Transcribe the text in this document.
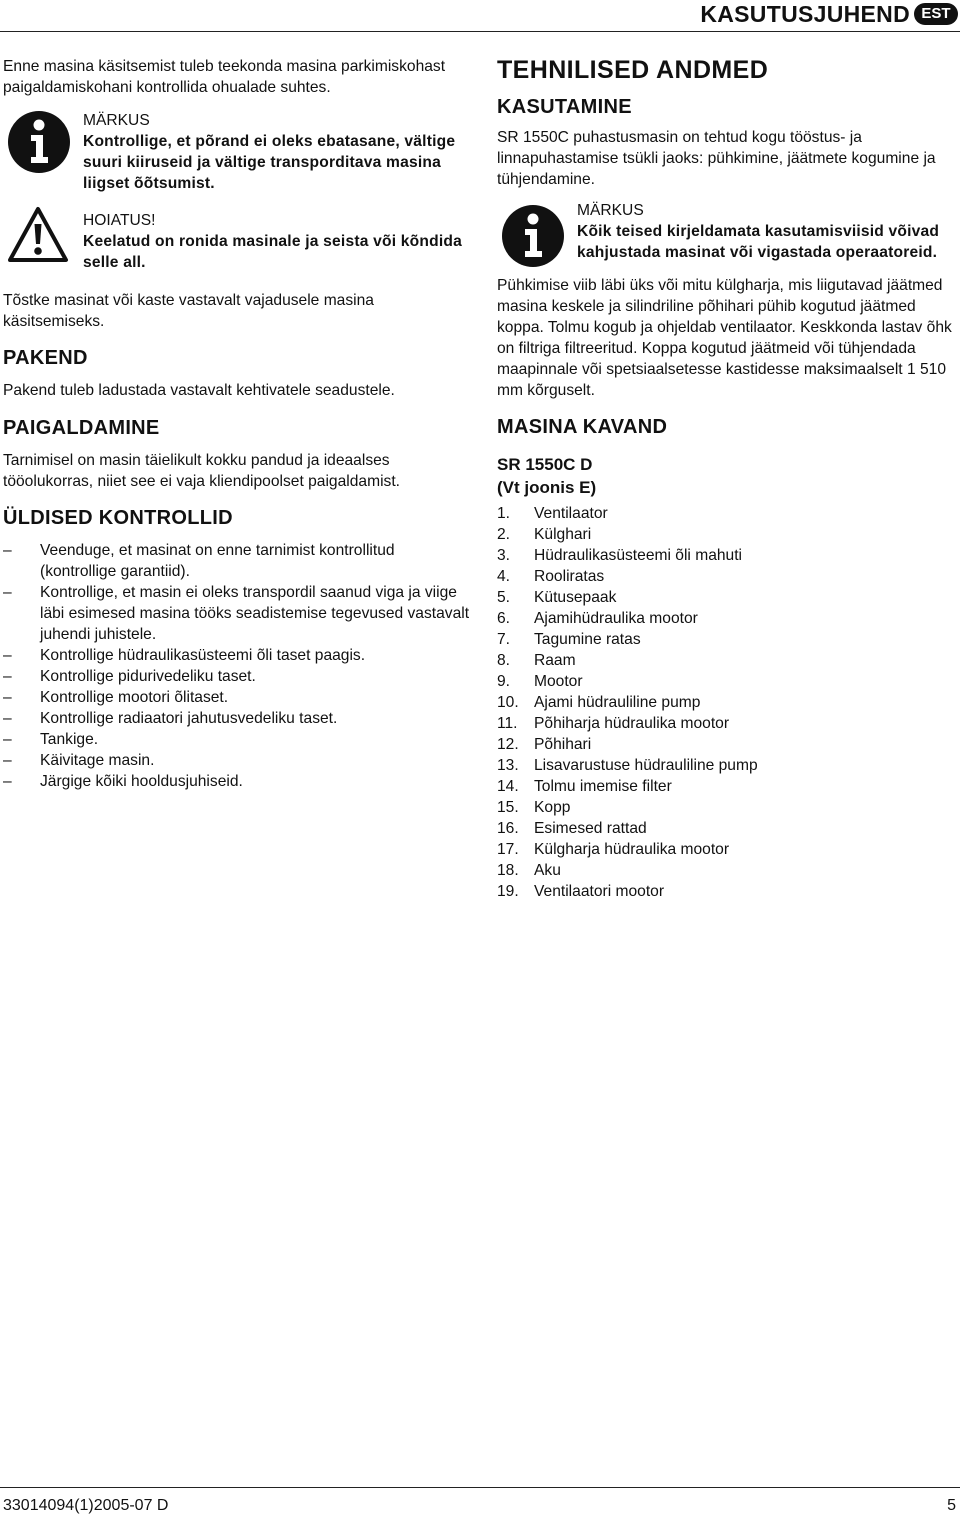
KASUTUSJUHEND EST

Enne masina käsitsemist tuleb teekonda masina parkimiskohast paigaldamiskohani kontrollida ohualade suhtes.

MÄRKUS

Kontrollige, et põrand ei oleks ebatasane, vältige suuri kiiruseid ja vältige transporditava masina liigset õõtsumist.

HOIATUS!

Keelatud on ronida masinale ja seista või kõndida selle all.

Tõstke masinat või kaste vastavalt vajadusele masina käsitsemiseks.

PAKEND

Pakend tuleb ladustada vastavalt kehtivatele seadustele.

PAIGALDAMINE

Tarnimisel on masin täielikult kokku pandud ja ideaalses tööolukorras, niiet see ei vaja kliendipoolset paigaldamist.

ÜLDISED KONTROLLID
– Veenduge, et masinat on enne tarnimist kontrollitud (kontrollige garantiid).
– Kontrollige, et masin ei oleks transpordil saanud viga ja viige läbi esimesed masina tööks seadistemise tegevused vastavalt juhendi juhistele.
– Kontrollige hüdraulikasüsteemi õli taset paagis.
– Kontrollige pidurivedeliku taset.
– Kontrollige mootori õlitaset.
– Kontrollige radiaatori jahutusvedeliku taset.
– Tankige.
– Käivitage masin.
– Järgige kõiki hooldusjuhiseid.
TEHNILISED ANDMED
KASUTAMINE

SR 1550C puhastusmasin on tehtud kogu tööstus- ja linnapuhastamise tsükli jaoks: pühkimine, jäätmete kogumine ja tühjendamine.

MÄRKUS

Kõik teised kirjeldamata kasutamisviisid võivad kahjustada masinat või vigastada operaatoreid.

Pühkimise viib läbi üks või mitu külgharja, mis liigutavad jäätmed masina keskele ja silindriline põhihari pühib kogutud jäätmed koppa. Tolmu kogub ja ohjeldab ventilaator. Keskkonda lastav õhk on filtriga filtreeritud. Koppa kogutud jäätmeid või tühjendada maapinnale või spetsiaalsetesse kastidesse maksimaalselt 1 510 mm kõrguselt.

MASINA KAVAND

SR 1550C D

(Vt joonis E)

1. Ventilaator
2. Külghari
3. Hüdraulikasüsteemi õli mahuti
4. Rooliratas
5. Kütusepaak
6. Ajamihüdraulika mootor
7. Tagumine ratas
8. Raam
9. Mootor
10. Ajami hüdrauliline pump
11. Põhiharja hüdraulika mootor
12. Põhihari
13. Lisavarustuse hüdrauliline pump
14. Tolmu imemise filter
15. Kopp
16. Esimesed rattad
17. Külgharja hüdraulika mootor
18. Aku
19. Ventilaatori mootor
33014094(1)2005-07 D	5
